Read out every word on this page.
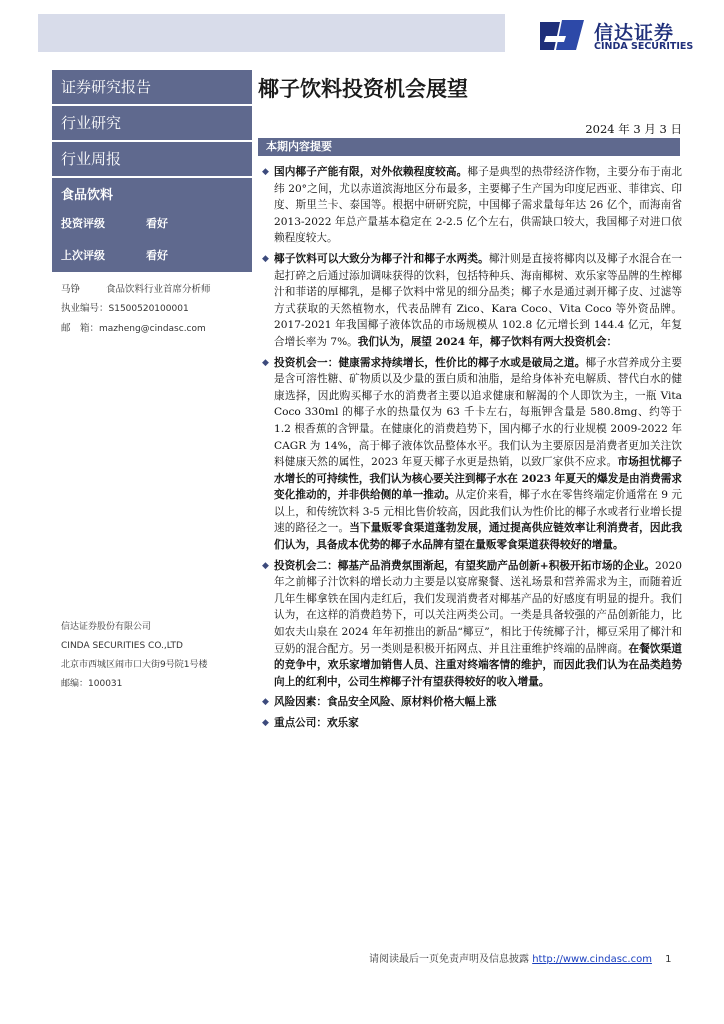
信达证券
CINDA SECURITIES
证券研究报告
行业研究
行业周报
食品饮料
投资评级	看好
上次评级	看好
马铮	食品饮料行业首席分析师
执业编号：S1500520100001
邮　箱：mazheng@cindasc.com
信达证券股份有限公司
CINDA SECURITIES CO.,LTD
北京市西城区闹市口大街9号院1号楼
邮编：100031
椰子饮料投资机会展望
2024 年 3 月 3 日
本期内容提要

◆ 国内椰子产能有限，对外依赖程度较高。椰子是典型的热带经济作物，主要分布于南北纬 20°之间，尤以赤道滨海地区分布最多，主要椰子生产国为印度尼西亚、菲律宾、印度、斯里兰卡、泰国等。根据中研研究院，中国椰子需求量每年达 26 亿个，而海南省 2013-2022 年总产量基本稳定在 2-2.5 亿个左右，供需缺口较大，我国椰子对进口依赖程度较大。

◆ 椰子饮料可以大致分为椰子汁和椰子水两类。椰汁则是直接将椰肉以及椰子水混合在一起打碎之后通过添加调味获得的饮料，包括特种兵、海南椰树、欢乐家等品牌的生榨椰汁和菲诺的厚椰乳，是椰子饮料中常见的细分品类；椰子水是通过剥开椰子皮、过滤等方式获取的天然植物水，代表品牌有 Zico、Kara Coco、Vita Coco 等外资品牌。2017-2021 年我国椰子液体饮品的市场规模从 102.8 亿元增长到 144.4 亿元，年复合增长率为 7%。我们认为，展望 2024 年，椰子饮料有两大投资机会：

◆ 投资机会一：健康需求持续增长，性价比的椰子水或是破局之道。椰子水营养成分主要是含可溶性糖、矿物质以及少量的蛋白质和油脂，是给身体补充电解质、替代白水的健康选择，因此购买椰子水的消费者主要以追求健康和解渴的个人即饮为主，一瓶 Vita Coco 330ml 的椰子水的热量仅为 63 千卡左右，每瓶钾含量是 580.8mg、约等于 1.2 根香蕉的含钾量。在健康化的消费趋势下，国内椰子水的行业规模 2009-2022 年 CAGR 为 14%，高于椰子液体饮品整体水平。我们认为主要原因是消费者更加关注饮料健康天然的属性，2023 年夏天椰子水更是热销，以致厂家供不应求。市场担忧椰子水增长的可持续性，我们认为核心要关注到椰子水在 2023 年夏天的爆发是由消费需求变化推动的，并非供给侧的单一推动。从定价来看，椰子水在零售终端定价通常在 9 元以上，和传统饮料 3-5 元相比售价较高，因此我们认为性价比的椰子水或者行业增长提速的路径之一。当下量贩零食渠道蓬勃发展，通过提高供应链效率让利消费者，因此我们认为，具备成本优势的椰子水品牌有望在量贩零食渠道获得较好的增量。

◆ 投资机会二：椰基产品消费氛围渐起，有望奖励产品创新+积极开拓市场的企业。2020 年之前椰子汁饮料的增长动力主要是以宴席聚餐、送礼场景和营养需求为主，而随着近几年生椰拿铁在国内走红后，我们发现消费者对椰基产品的好感度有明显的提升。我们认为，在这样的消费趋势下，可以关注两类公司。一类是具备较强的产品创新能力，比如农夫山泉在 2024 年年初推出的新品“椰豆”，相比于传统椰子汁，椰豆采用了椰汁和豆奶的混合配方。另一类则是积极开拓网点、并且注重维护终端的品牌商。在餐饮渠道的竞争中，欢乐家增加销售人员、注重对终端客情的维护，而因此我们认为在品类趋势向上的红利中，公司生榨椰子汁有望获得较好的收入增量。

◆ 风险因素：食品安全风险、原材料价格大幅上涨

◆ 重点公司：欢乐家

请阅读最后一页免责声明及信息披露 http://www.cindasc.com 1
